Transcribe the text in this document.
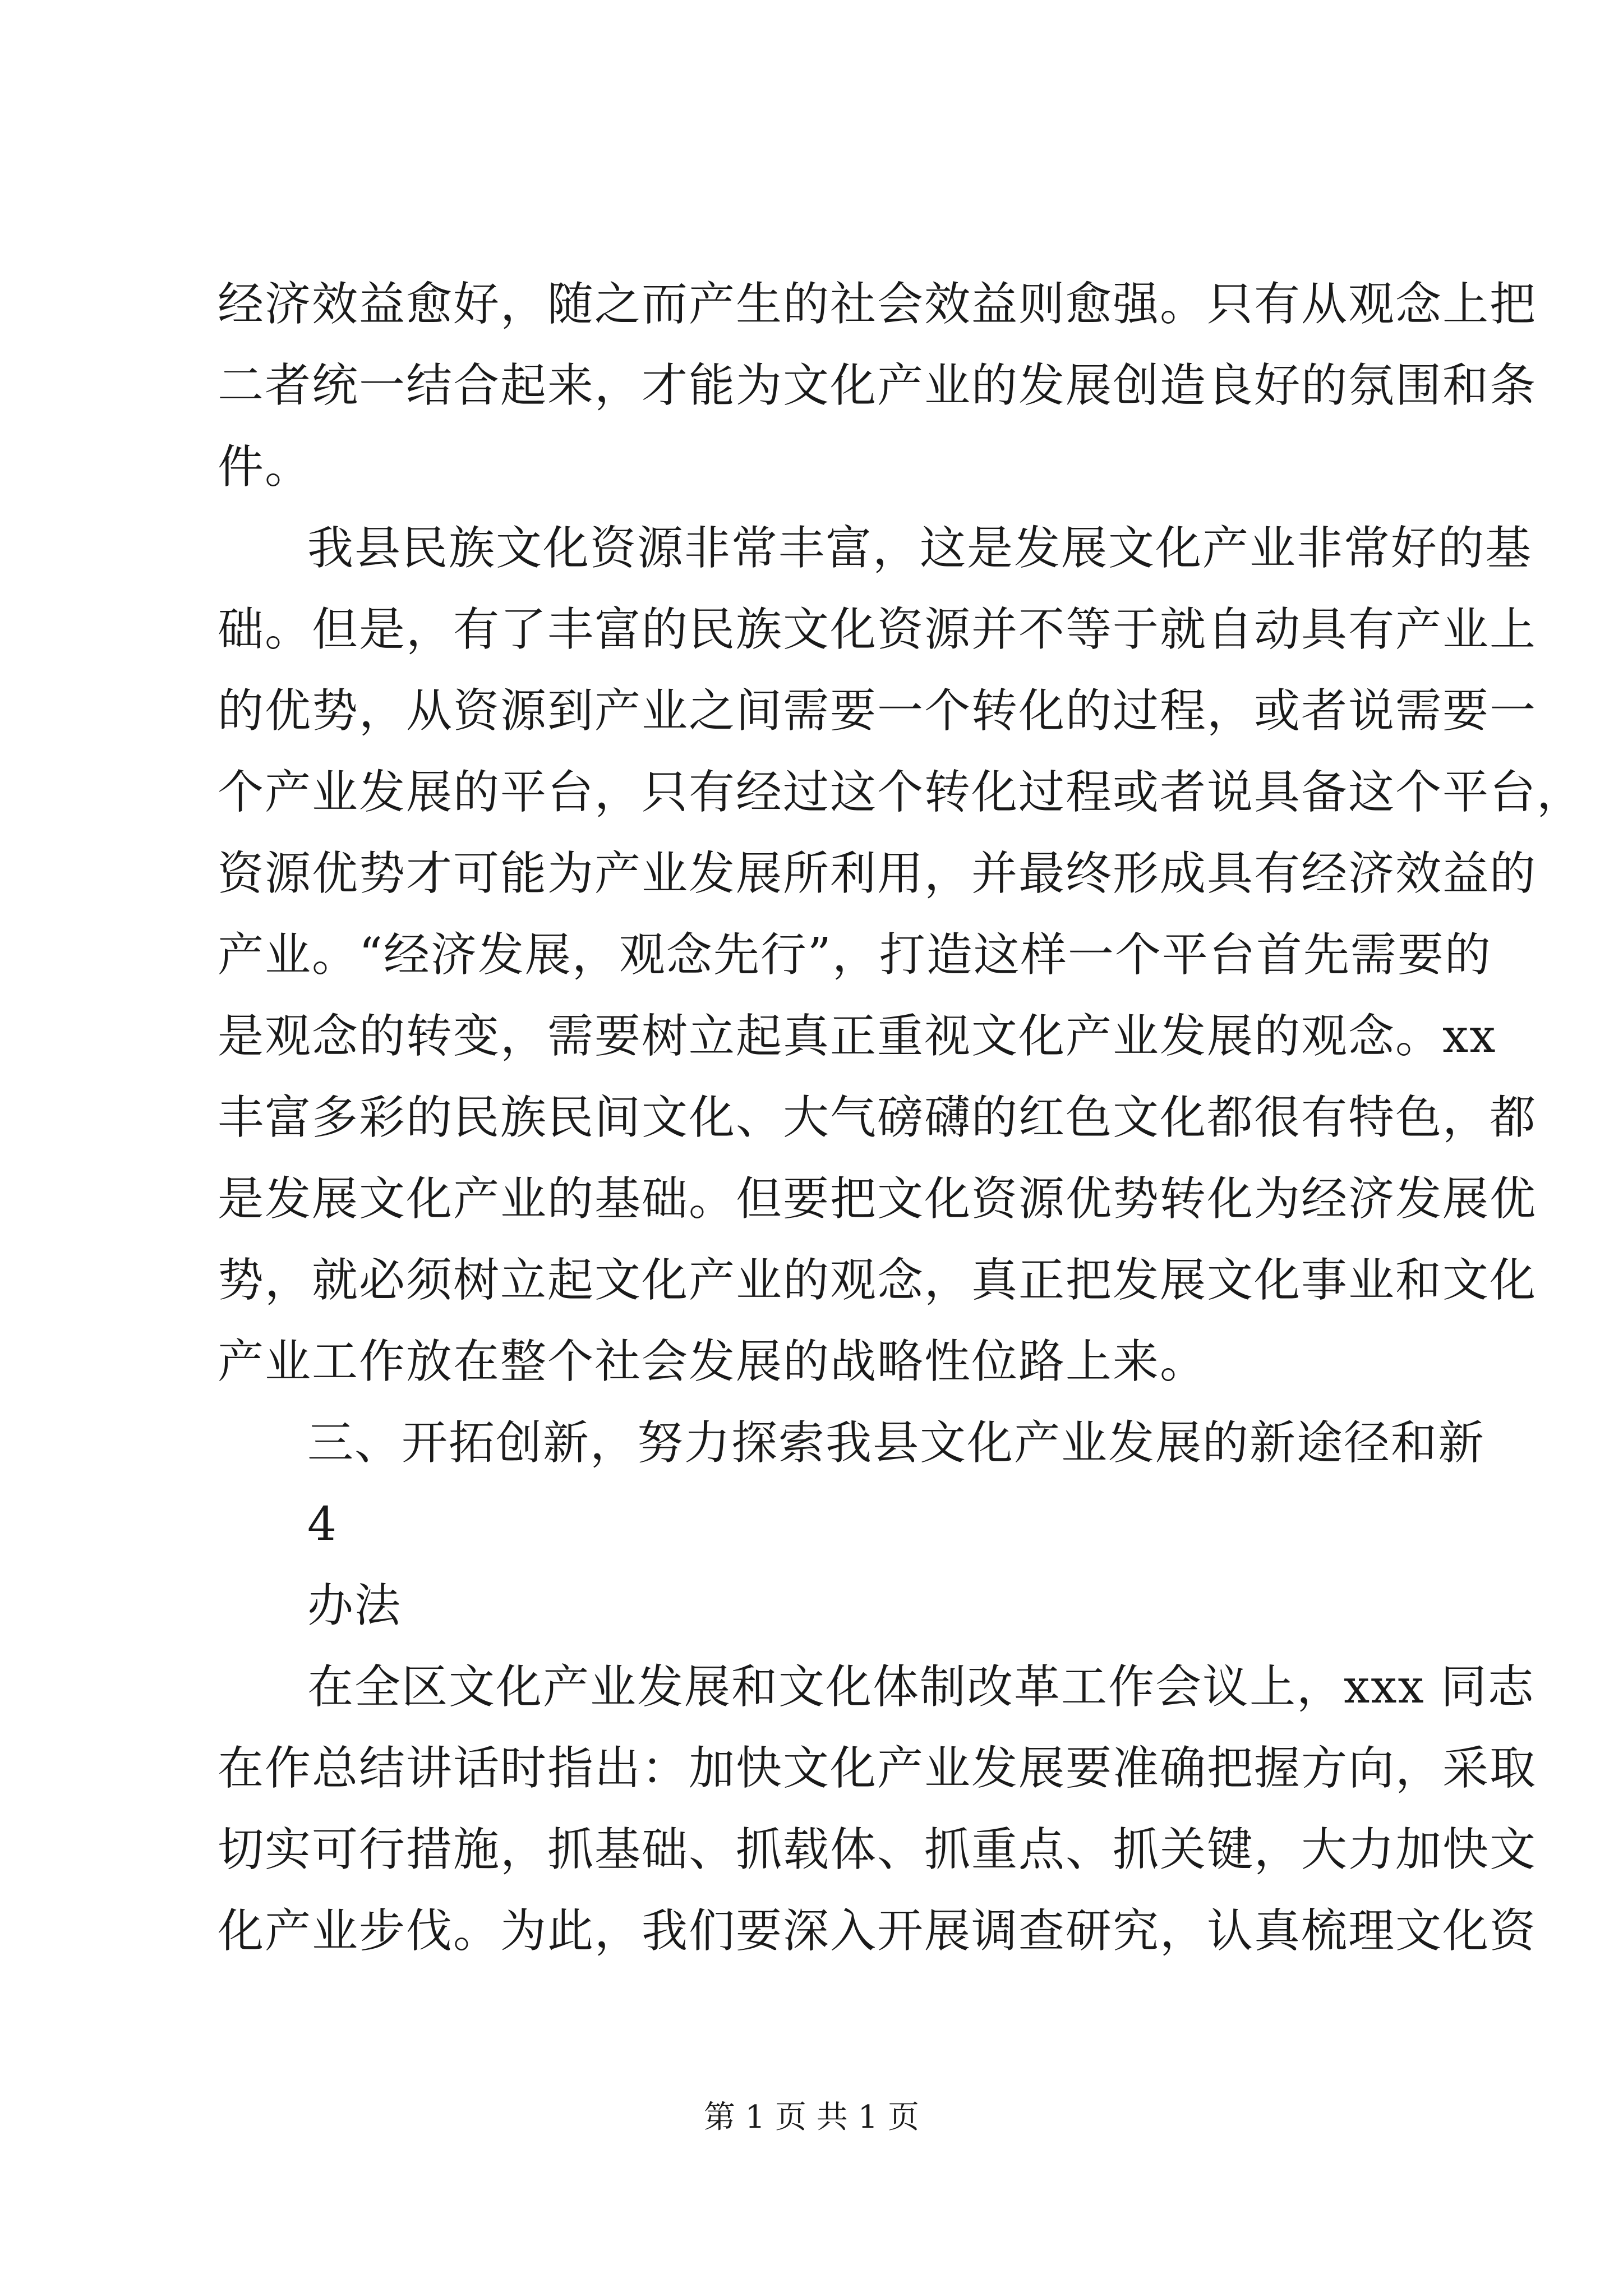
经济效益愈好，随之而产生的社会效益则愈强。只有从观念上把
二者统一结合起来，才能为文化产业的发展创造良好的氛围和条
件。
我县民族文化资源非常丰富，这是发展文化产业非常好的基
础。但是，有了丰富的民族文化资源并不等于就自动具有产业上
的优势，从资源到产业之间需要一个转化的过程，或者说需要一
个产业发展的平台，只有经过这个转化过程或者说具备这个平台，
资源优势才可能为产业发展所利用，并最终形成具有经济效益的
产业。“经济发展，观念先行”，打造这样一个平台首先需要的
是观念的转变，需要树立起真正重视文化产业发展的观念。xx
丰富多彩的民族民间文化、大气磅礴的红色文化都很有特色，都
是发展文化产业的基础。但要把文化资源优势转化为经济发展优
势，就必须树立起文化产业的观念，真正把发展文化事业和文化
产业工作放在整个社会发展的战略性位路上来。
三、开拓创新，努力探索我县文化产业发展的新途径和新
4
办法
在全区文化产业发展和文化体制改革工作会议上，xxx 同志
在作总结讲话时指出：加快文化产业发展要准确把握方向，采取
切实可行措施，抓基础、抓载体、抓重点、抓关键，大力加快文
化产业步伐。为此，我们要深入开展调查研究，认真梳理文化资
第 1 页 共 1 页
